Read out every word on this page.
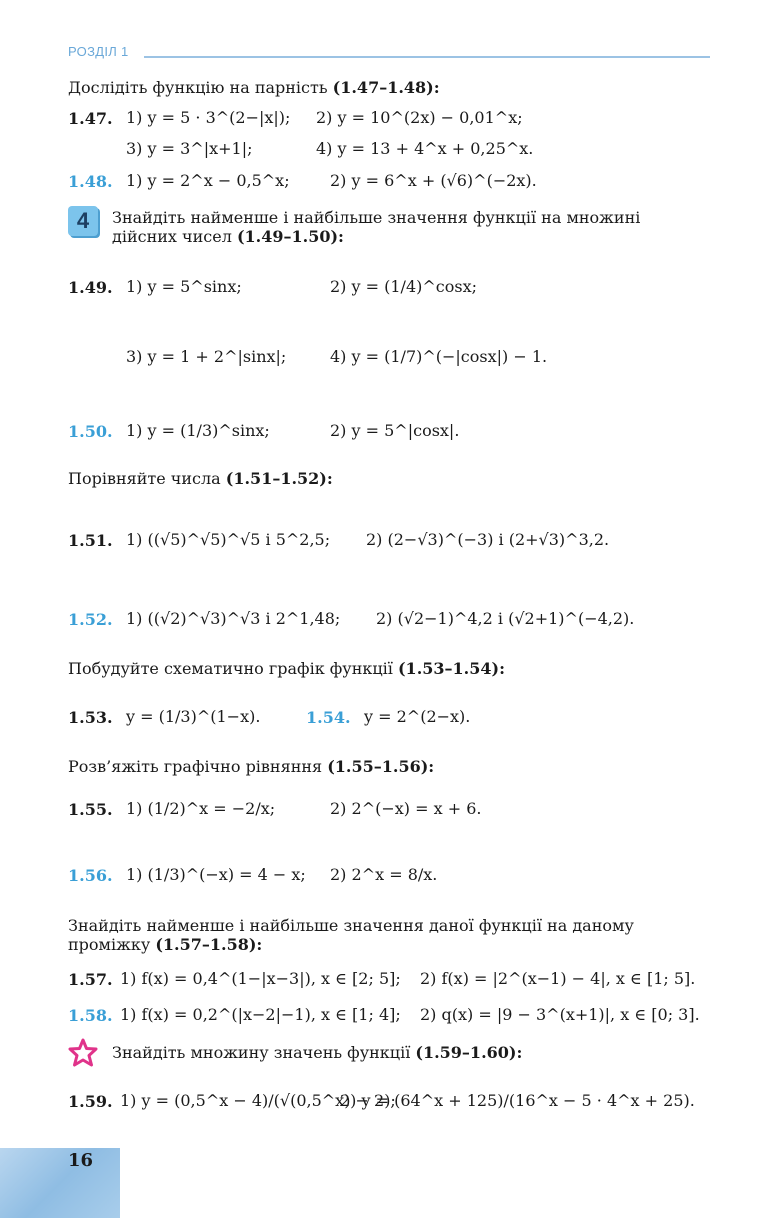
РОЗДІЛ 1
Дослідіть функцію на парність (1.47–1.48):
1.47. 1) y = 5 · 3^(2−|x|); 2) y = 10^(2x) − 0,01^x;
3) y = 3^|x+1|;	4) y = 13 + 4^x + 0,25^x.
1.48. 1) y = 2^x − 0,5^x;	2) y = 6^x + (√6)^(−2x).
4	Знайдіть найменше і найбільше значення функції на множині дійсних чисел (1.49–1.50):
1.49. 1) y = 5^sinx;	2) y = (1/4)^cosx;
3) y = 1 + 2^|sinx|;	4) y = (1/7)^(−|cosx|) − 1.
1.50. 1) y = (1/3)^sinx;	2) y = 5^|cosx|.
Порівняйте числа (1.51–1.52):
1.51. 1) ((√5)^√5)^√5 і 5^2,5; 2) (2−√3)^(−3) і (2+√3)^3,2.
1.52. 1) ((√2)^√3)^√3 і 2^1,48; 2) (√2−1)^4,2 і (√2+1)^(−4,2).
Побудуйте схематично графік функції (1.53–1.54):
1.53. y = (1/3)^(1−x).	1.54. y = 2^(2−x).
Розв’яжіть графічно рівняння (1.55–1.56):
1.55. 1) (1/2)^x = −2/x;	2) 2^(−x) = x + 6.
1.56. 1) (1/3)^(−x) = 4 − x; 2) 2^x = 8/x.
Знайдіть найменше і найбільше значення даної функції на даному проміжку (1.57–1.58):
1.57. 1) f(x) = 0,4^(1−|x−3|), x ∈ [2; 5]; 2) f(x) = |2^(x−1) − 4|, x ∈ [1; 5].
1.58. 1) f(x) = 0,2^(|x−2|−1), x ∈ [1; 4]; 2) q(x) = |9 − 3^(x+1)|, x ∈ [0; 3].
Знайдіть множину значень функції (1.59–1.60):
1.59. 1) y = (0,5^x − 4)/(√(0,5^x) − 2);
2) y = (64^x + 125)/(16^x − 5 · 4^x + 25).
16
